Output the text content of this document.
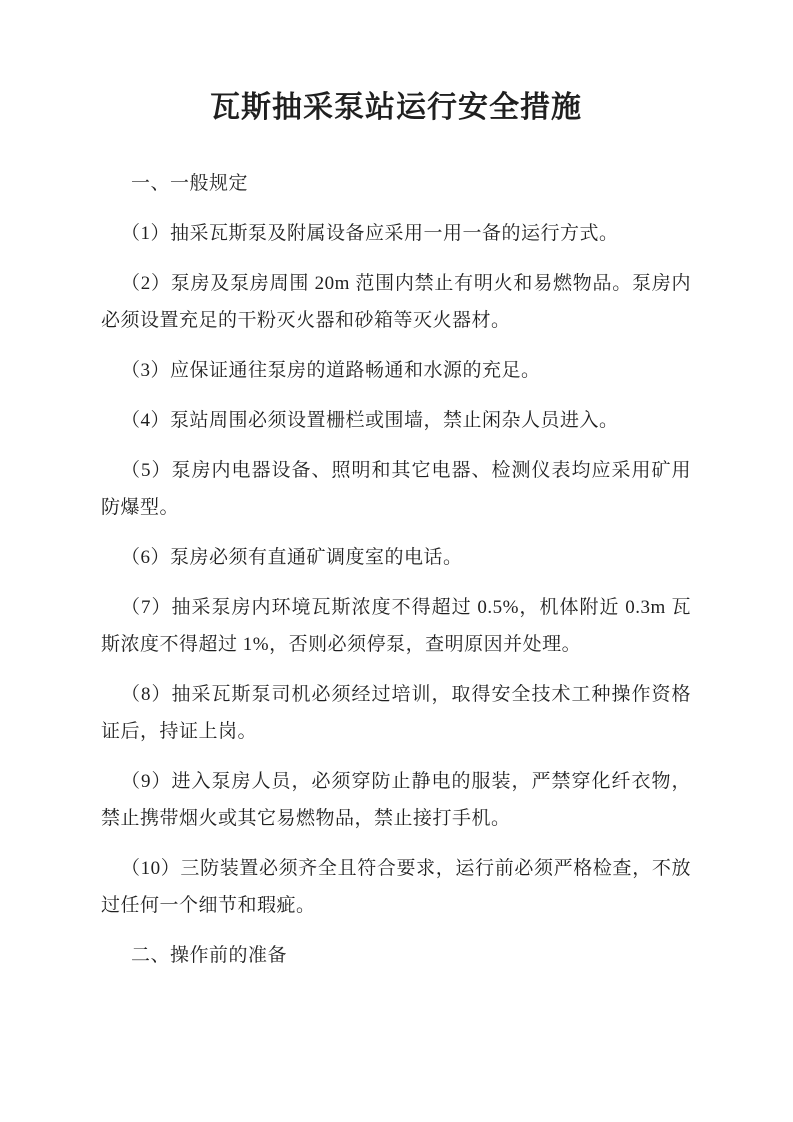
瓦斯抽采泵站运行安全措施

一、一般规定

（1）抽采瓦斯泵及附属设备应采用一用一备的运行方式。

（2）泵房及泵房周围 20m 范围内禁止有明火和易燃物品。泵房内必须设置充足的干粉灭火器和砂箱等灭火器材。

（3）应保证通往泵房的道路畅通和水源的充足。

（4）泵站周围必须设置栅栏或围墙，禁止闲杂人员进入。

（5）泵房内电器设备、照明和其它电器、检测仪表均应采用矿用防爆型。

（6）泵房必须有直通矿调度室的电话。

（7）抽采泵房内环境瓦斯浓度不得超过 0.5%，机体附近 0.3m 瓦斯浓度不得超过 1%，否则必须停泵，查明原因并处理。

（8）抽采瓦斯泵司机必须经过培训，取得安全技术工种操作资格证后，持证上岗。

（9）进入泵房人员，必须穿防止静电的服装，严禁穿化纤衣物，禁止携带烟火或其它易燃物品，禁止接打手机。

（10）三防装置必须齐全且符合要求，运行前必须严格检查，不放过任何一个细节和瑕疵。

二、操作前的准备
